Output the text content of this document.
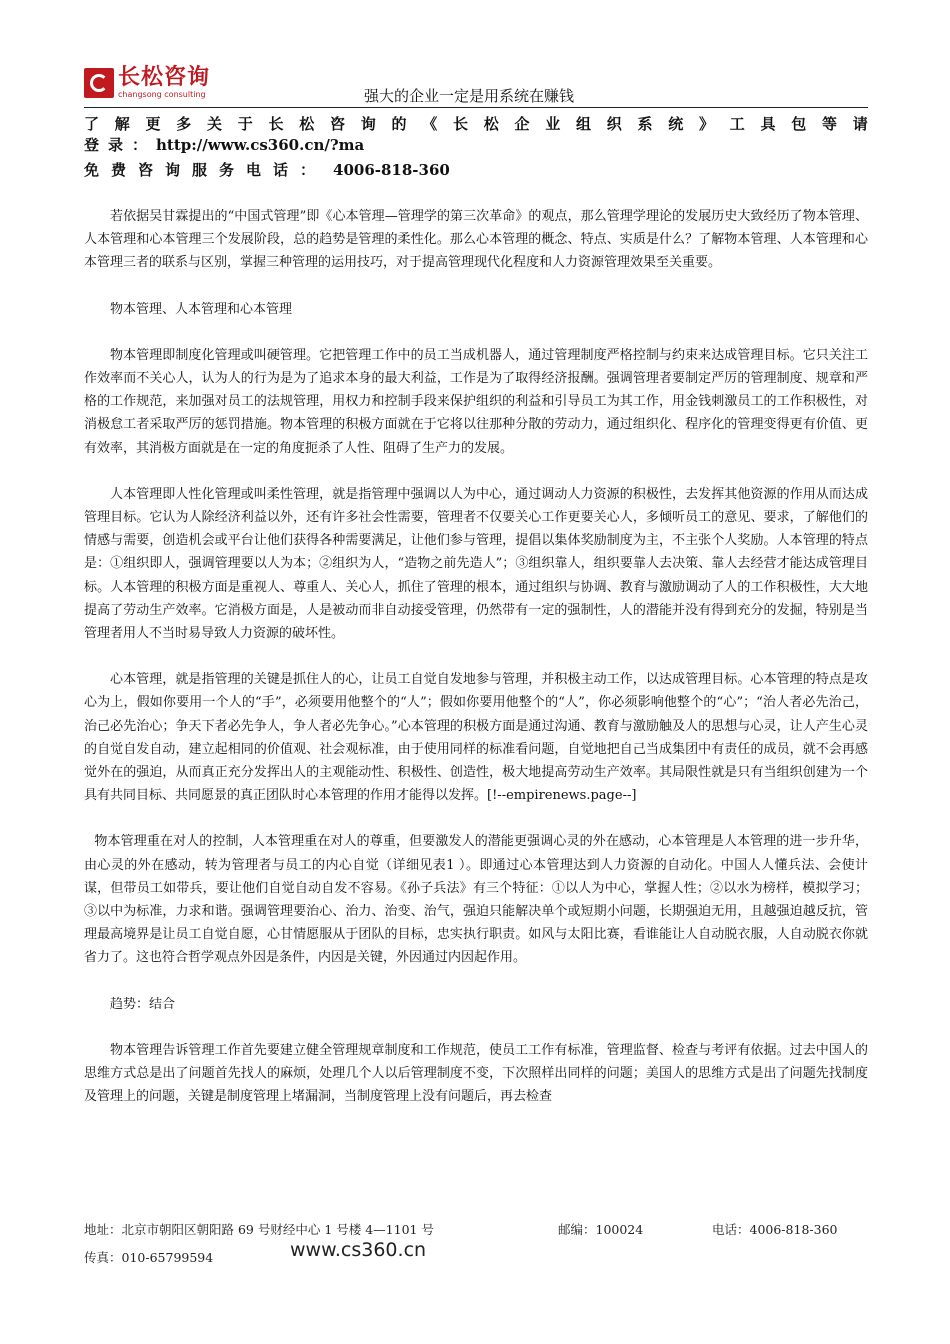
长松咨询
changsong consulting	强大的企业一定是用系统在赚钱
了 解 更 多 关 于 长 松 咨 询 的 《 长 松 企 业 组 织 系 统 》 工 具 包 等 请
登录：http://www.cs360.cn/?ma
免费咨询服务电话： 4006-818-360

若依据吴甘霖提出的“中国式管理”即《心本管理—管理学的第三次革命》的观点，那么管理学理论的发展历史大致经历了物本管理、人本管理和心本管理三个发展阶段，总的趋势是管理的柔性化。那么心本管理的概念、特点、实质是什么？了解物本管理、人本管理和心本管理三者的联系与区别，掌握三种管理的运用技巧，对于提高管理现代化程度和人力资源管理效果至关重要。

物本管理、人本管理和心本管理

物本管理即制度化管理或叫硬管理。它把管理工作中的员工当成机器人，通过管理制度严格控制与约束来达成管理目标。它只关注工作效率而不关心人，认为人的行为是为了追求本身的最大利益，工作是为了取得经济报酬。强调管理者要制定严厉的管理制度、规章和严格的工作规范，来加强对员工的法规管理，用权力和控制手段来保护组织的利益和引导员工为其工作，用金钱刺激员工的工作积极性，对消极怠工者采取严厉的惩罚措施。物本管理的积极方面就在于它将以往那种分散的劳动力，通过组织化、程序化的管理变得更有价值、更有效率，其消极方面就是在一定的角度扼杀了人性、阻碍了生产力的发展。

人本管理即人性化管理或叫柔性管理，就是指管理中强调以人为中心，通过调动人力资源的积极性，去发挥其他资源的作用从而达成管理目标。它认为人除经济利益以外，还有许多社会性需要，管理者不仅要关心工作更要关心人，多倾听员工的意见、要求，了解他们的情感与需要，创造机会或平台让他们获得各种需要满足，让他们参与管理，提倡以集体奖励制度为主，不主张个人奖励。人本管理的特点是：①组织即人，强调管理要以人为本；②组织为人，“造物之前先造人”；③组织靠人，组织要靠人去决策、靠人去经营才能达成管理目标。人本管理的积极方面是重视人、尊重人、关心人，抓住了管理的根本，通过组织与协调、教育与激励调动了人的工作积极性，大大地提高了劳动生产效率。它消极方面是，人是被动而非自动接受管理，仍然带有一定的强制性，人的潜能并没有得到充分的发掘，特别是当管理者用人不当时易导致人力资源的破坏性。

心本管理，就是指管理的关键是抓住人的心，让员工自觉自发地参与管理，并积极主动工作，以达成管理目标。心本管理的特点是攻心为上，假如你要用一个人的“手”，必须要用他整个的“人”；假如你要用他整个的“人”，你必须影响他整个的“心”；“治人者必先治己，治己必先治心；争天下者必先争人，争人者必先争心。”心本管理的积极方面是通过沟通、教育与激励触及人的思想与心灵，让人产生心灵的自觉自发自动，建立起相同的价值观、社会观标准，由于使用同样的标准看问题，自觉地把自己当成集团中有责任的成员，就不会再感觉外在的强迫，从而真正充分发挥出人的主观能动性、积极性、创造性，极大地提高劳动生产效率。其局限性就是只有当组织创建为一个具有共同目标、共同愿景的真正团队时心本管理的作用才能得以发挥。[!--empirenews.page--]

物本管理重在对人的控制，人本管理重在对人的尊重，但要激发人的潜能更强调心灵的外在感动，心本管理是人本管理的进一步升华，由心灵的外在感动，转为管理者与员工的内心自觉（详细见表1 ）。即通过心本管理达到人力资源的自动化。中国人人懂兵法、会使计谋，但带员工如带兵，要让他们自觉自动自发不容易。《孙子兵法》有三个特征：①以人为中心，掌握人性；②以水为榜样，模拟学习；③以中为标准，力求和谐。强调管理要治心、治力、治变、治气，强迫只能解决单个或短期小问题，长期强迫无用，且越强迫越反抗，管理最高境界是让员工自觉自愿，心甘情愿服从于团队的目标，忠实执行职责。如风与太阳比赛，看谁能让人自动脱衣服，人自动脱衣你就省力了。这也符合哲学观点外因是条件，内因是关键，外因通过内因起作用。

趋势：结合

物本管理告诉管理工作首先要建立健全管理规章制度和工作规范，使员工工作有标准，管理监督、检查与考评有依据。过去中国人的思维方式总是出了问题首先找人的麻烦，处理几个人以后管理制度不变，下次照样出同样的问题；美国人的思维方式是出了问题先找制度及管理上的问题，关键是制度管理上堵漏洞，当制度管理上没有问题后，再去检查

地址：北京市朝阳区朝阳路 69 号财经中心 1 号楼 4—1101 号	邮编：100024	电话：4006-818-360
传真：010-65799594	www.cs360.cn
